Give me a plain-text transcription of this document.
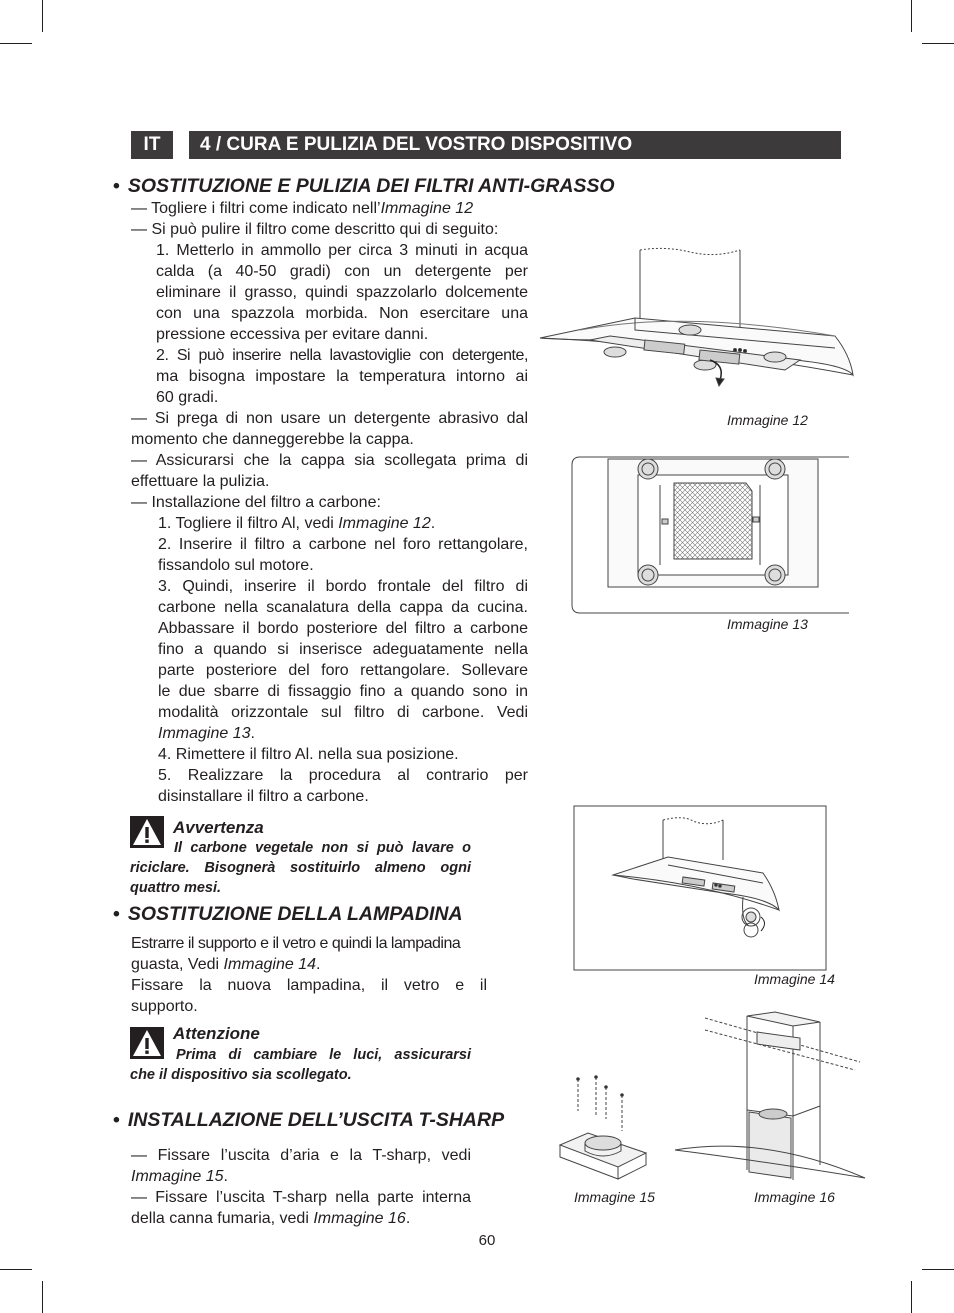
IT	4 / CURA E PULIZIA DEL VOSTRO DISPOSITIVO
• SOSTITUZIONE E PULIZIA DEI FILTRI ANTI-GRASSO
— Togliere i filtri come indicato nell’Immagine 12
— Si può pulire il filtro come descritto qui di seguito:
1. Metterlo in ammollo per circa 3 minuti in acqua
calda (a 40-50 gradi) con un detergente per
eliminare il grasso, quindi spazzolarlo dolcemente
con una spazzola morbida. Non esercitare una
pressione eccessiva per evitare danni.
2. Si può inserire nella lavastoviglie con detergente,
ma bisogna impostare la temperatura intorno ai
60 gradi.
— Si prega di non usare un detergente abrasivo dal
momento che danneggerebbe la cappa.
— Assicurarsi che la cappa sia scollegata prima di
effettuare la pulizia.
— Installazione del filtro a carbone:
1. Togliere il filtro Al, vedi Immagine 12.
2. Inserire il filtro a carbone nel foro rettangolare,
fissandolo sul motore.
3. Quindi, inserire il bordo frontale del filtro di
carbone nella scanalatura della cappa da cucina.
Abbassare il bordo posteriore del filtro a carbone
fino a quando si inserisce adeguatamente nella
parte posteriore del foro rettangolare. Sollevare
le due sbarre di fissaggio fino a quando sono in
modalità orizzontale sul filtro di carbone. Vedi
Immagine 13.
4. Rimettere il filtro Al. nella sua posizione.
5. Realizzare la procedura al contrario per
disinstallare il filtro a carbone.
Avvertenza
Il carbone vegetale non si può lavare o
riciclare. Bisognerà sostituirlo almeno ogni
quattro mesi.
• SOSTITUZIONE DELLA LAMPADINA
Estrarre il supporto e il vetro e quindi la lampadina
guasta, Vedi Immagine 14.
Fissare la nuova lampadina, il vetro e il
supporto.
Attenzione
Prima di cambiare le luci, assicurarsi
che il dispositivo sia scollegato.
• INSTALLAZIONE DELL’USCITA T-SHARP
— Fissare l’uscita d’aria e la T-sharp, vedi
Immagine 15.
— Fissare l’uscita T-sharp nella parte interna
della canna fumaria, vedi Immagine 16.
Immagine 12
Immagine 13
Immagine 14
Immagine 15	Immagine 16
60
